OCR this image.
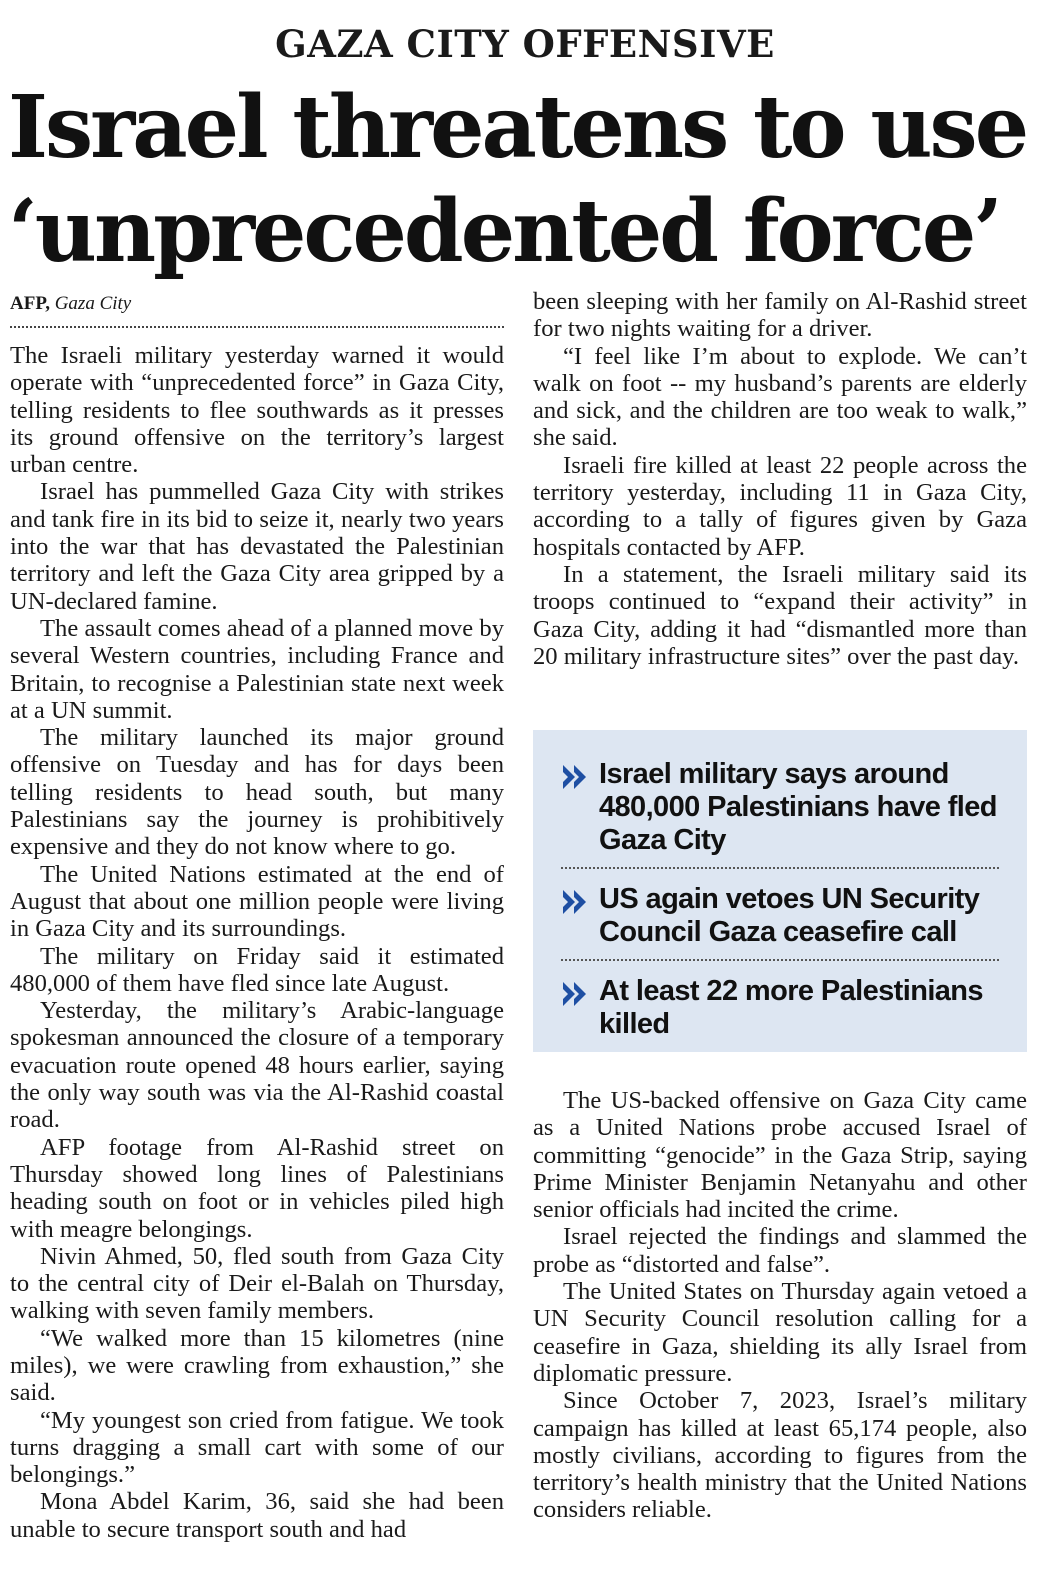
GAZA CITY OFFENSIVE
Israel threatens to use
‘unprecedented force’
AFP, Gaza City

The Israeli military yesterday warned it would operate with “unprecedented force” in Gaza City, telling residents to flee southwards as it presses its ground offensive on the territory’s largest urban centre.

Israel has pummelled Gaza City with strikes and tank fire in its bid to seize it, nearly two years into the war that has devastated the Palestinian territory and left the Gaza City area gripped by a UN-declared famine.

The assault comes ahead of a planned move by several Western countries, including France and Britain, to recognise a Palestinian state next week at a UN summit.

The military launched its major ground offensive on Tuesday and has for days been telling residents to head south, but many Palestinians say the journey is prohibitively expensive and they do not know where to go.

The United Nations estimated at the end of August that about one million people were living in Gaza City and its surroundings.

The military on Friday said it estimated 480,000 of them have fled since late August.

Yesterday, the military’s Arabic-language spokesman announced the closure of a temporary evacuation route opened 48 hours earlier, saying the only way south was via the Al-Rashid coastal road.

AFP footage from Al-Rashid street on Thursday showed long lines of Palestinians heading south on foot or in vehicles piled high with meagre belongings.

Nivin Ahmed, 50, fled south from Gaza City to the central city of Deir el-Balah on Thursday, walking with seven family members.

“We walked more than 15 kilometres (nine miles), we were crawling from exhaustion,” she said.

“My youngest son cried from fatigue. We took turns dragging a small cart with some of our belongings.”

Mona Abdel Karim, 36, said she had been unable to secure transport south and had

been sleeping with her family on Al-Rashid street for two nights waiting for a driver.

“I feel like I’m about to explode. We can’t walk on foot -- my husband’s parents are elderly and sick, and the children are too weak to walk,” she said.

Israeli fire killed at least 22 people across the territory yesterday, including 11 in Gaza City, according to a tally of figures given by Gaza hospitals contacted by AFP.

In a statement, the Israeli military said its troops continued to “expand their activity” in Gaza City, adding it had “dismantled more than 20 military infrastructure sites” over the past day.

Israel military says around 480,000 Palestinians have fled Gaza City
US again vetoes UN Security Council Gaza ceasefire call
At least 22 more Palestinians killed

The US-backed offensive on Gaza City came as a United Nations probe accused Israel of committing “genocide” in the Gaza Strip, saying Prime Minister Benjamin Netanyahu and other senior officials had incited the crime.

Israel rejected the findings and slammed the probe as “distorted and false”.

The United States on Thursday again vetoed a UN Security Council resolution calling for a ceasefire in Gaza, shielding its ally Israel from diplomatic pressure.

Since October 7, 2023, Israel’s military campaign has killed at least 65,174 people, also mostly civilians, according to figures from the territory’s health ministry that the United Nations considers reliable.
